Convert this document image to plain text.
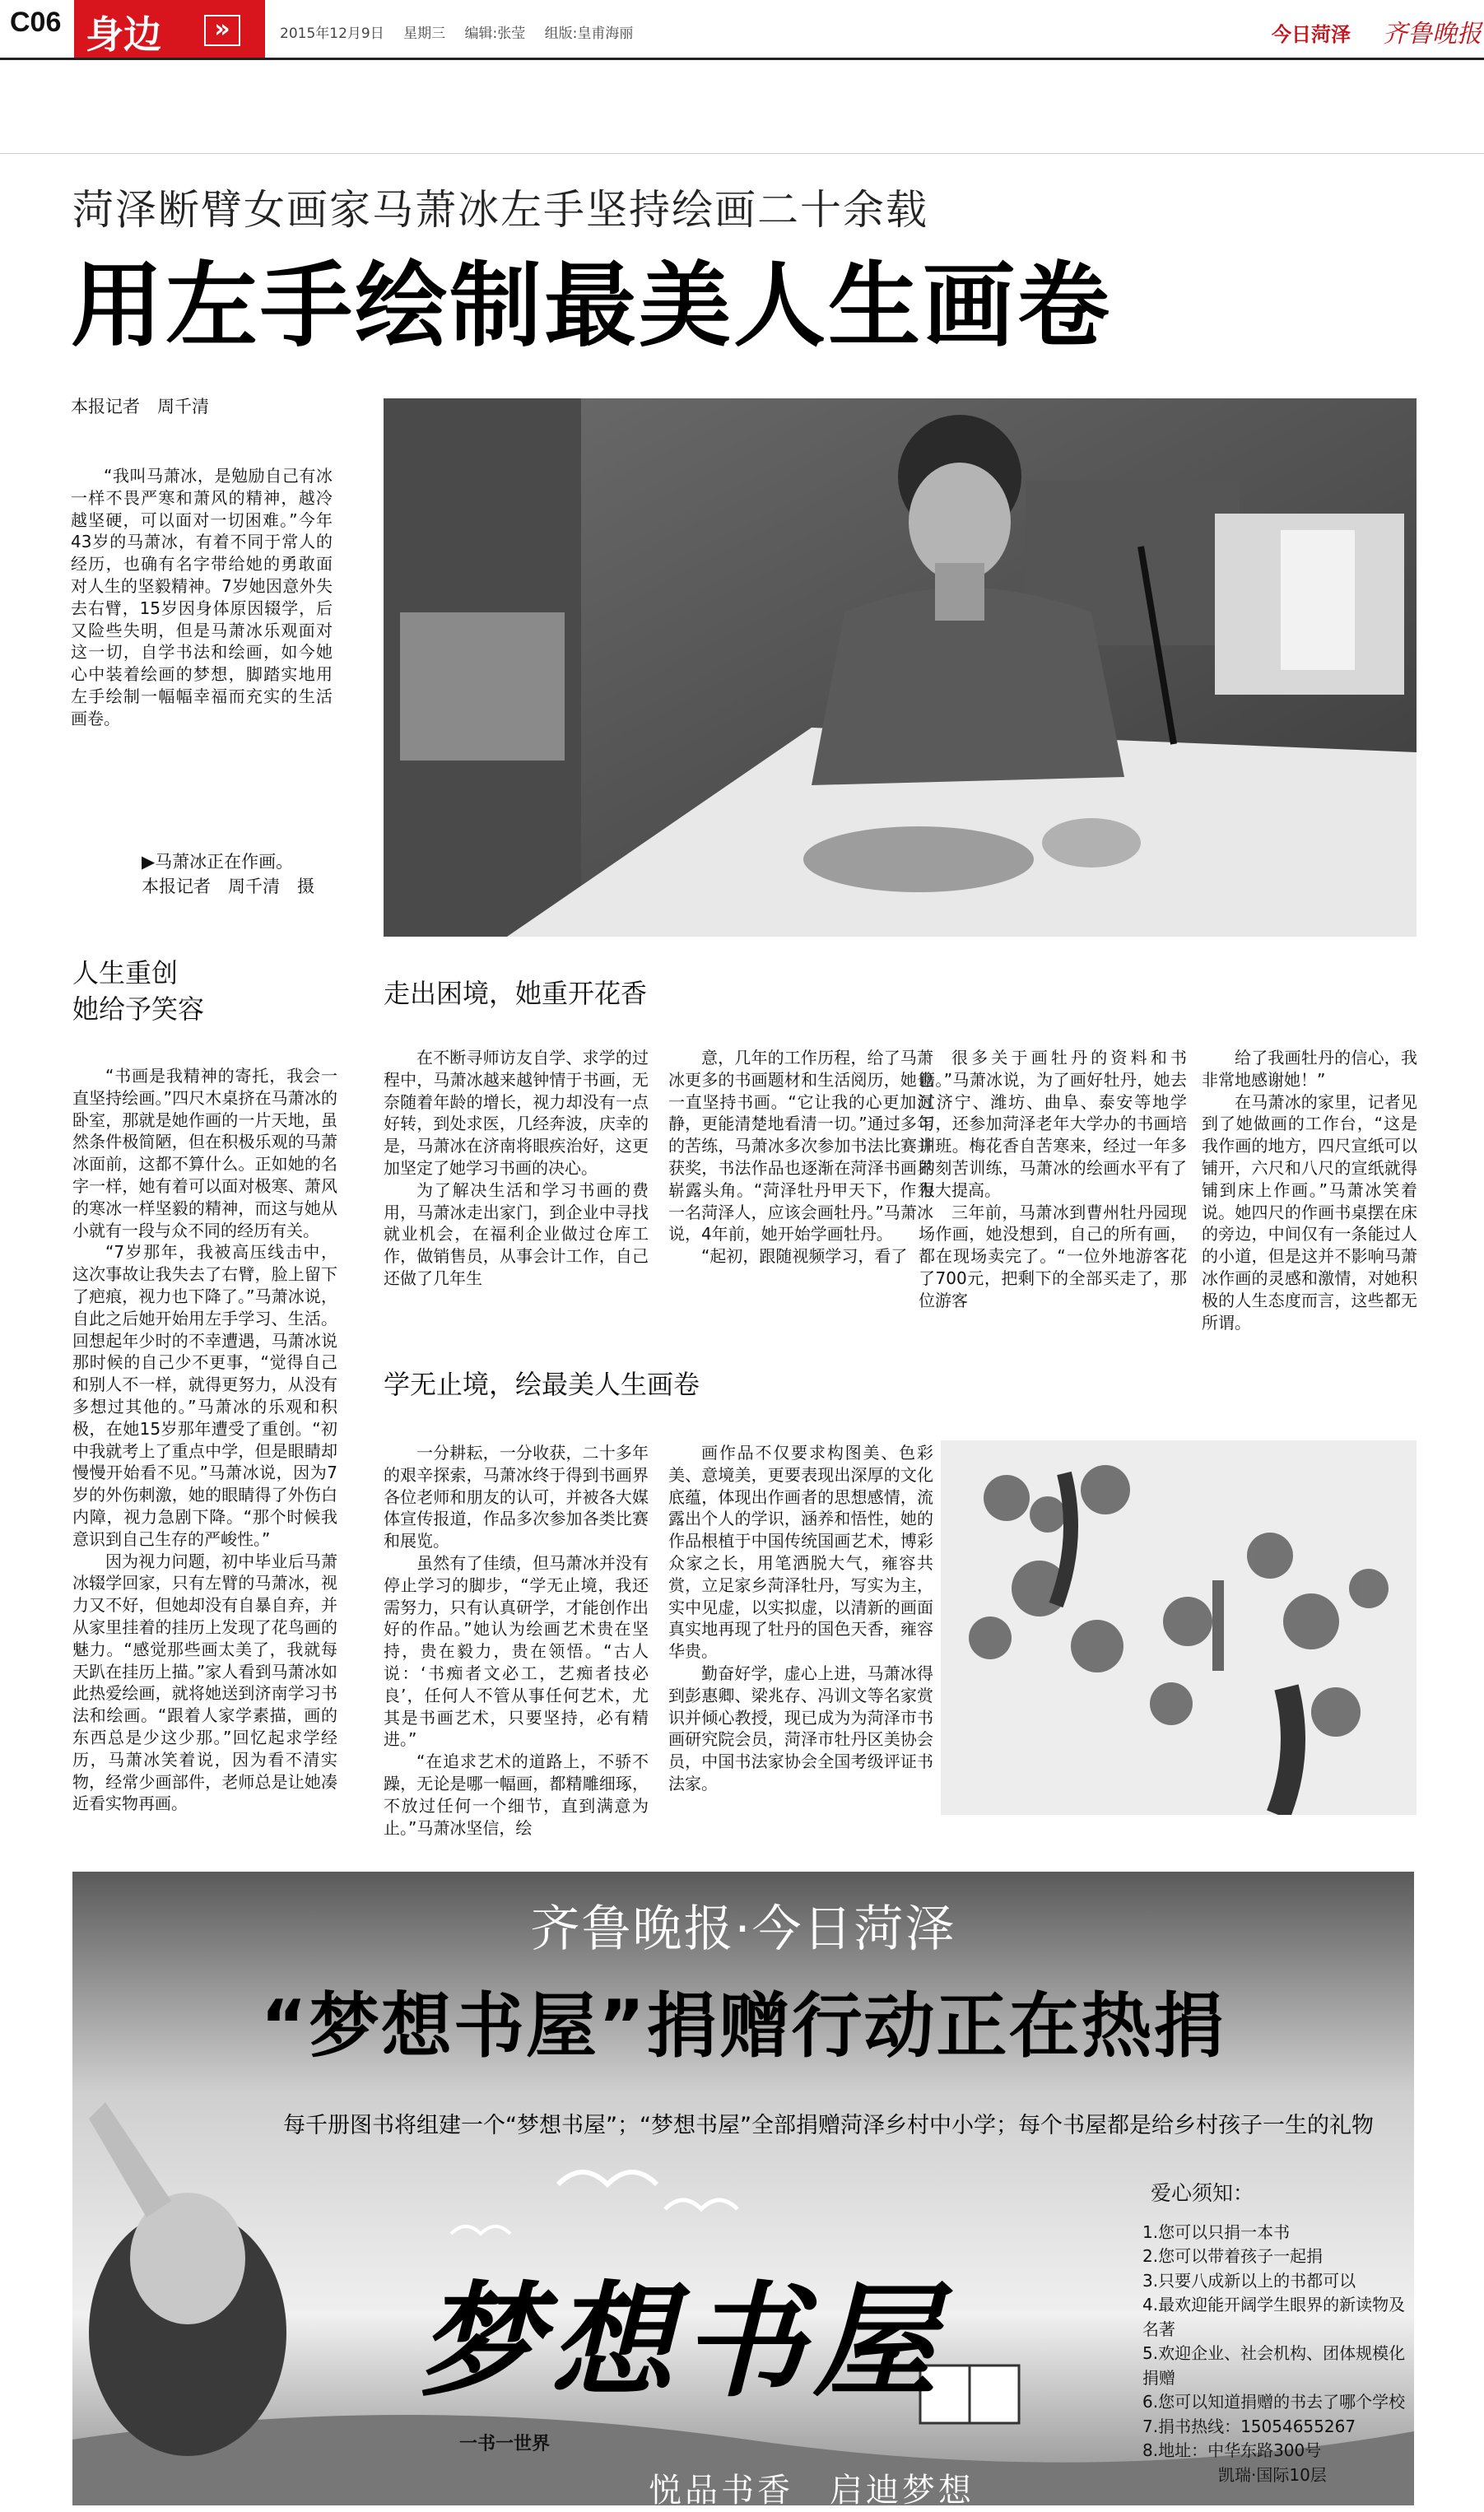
C06 身边	»	2015年12月9日 星期三 编辑:张莹 组版:皇甫海丽	今日菏泽 齐鲁晚报
菏泽断臂女画家马萧冰左手坚持绘画二十余载
用左手绘制最美人生画卷
本报记者　周千清

“我叫马萧冰，是勉励自己有冰一样不畏严寒和萧风的精神，越冷越坚硬，可以面对一切困难。”今年43岁的马萧冰，有着不同于常人的经历，也确有名字带给她的勇敢面对人生的坚毅精神。7岁她因意外失去右臂，15岁因身体原因辍学，后又险些失明，但是马萧冰乐观面对这一切，自学书法和绘画，如今她心中装着绘画的梦想，脚踏实地用左手绘制一幅幅幸福而充实的生活画卷。

▶马萧冰正在作画。
本报记者　周千清　摄
人生重创
她给予笑容	走出困境，她重开花香
学无止境，绘最美人生画卷

“书画是我精神的寄托，我会一直坚持绘画。”四尺木桌挤在马萧冰的卧室，那就是她作画的一片天地，虽然条件极简陋，但在积极乐观的马萧冰面前，这都不算什么。正如她的名字一样，她有着可以面对极寒、萧风的寒冰一样坚毅的精神，而这与她从小就有一段与众不同的经历有关。

“7岁那年，我被高压线击中，这次事故让我失去了右臂，脸上留下了疤痕，视力也下降了。”马萧冰说，自此之后她开始用左手学习、生活。回想起年少时的不幸遭遇，马萧冰说那时候的自己少不更事，“觉得自己和别人不一样，就得更努力，从没有多想过其他的。”马萧冰的乐观和积极，在她15岁那年遭受了重创。“初中我就考上了重点中学，但是眼睛却慢慢开始看不见。”马萧冰说，因为7岁的外伤刺激，她的眼睛得了外伤白内障，视力急剧下降。“那个时候我意识到自己生存的严峻性。”

因为视力问题，初中毕业后马萧冰辍学回家，只有左臂的马萧冰，视力又不好，但她却没有自暴自弃，并从家里挂着的挂历上发现了花鸟画的魅力。“感觉那些画太美了，我就每天趴在挂历上描。”家人看到马萧冰如此热爱绘画，就将她送到济南学习书法和绘画。“跟着人家学素描，画的东西总是少这少那。”回忆起求学经历，马萧冰笑着说，因为看不清实物，经常少画部件，老师总是让她凑近看实物再画。

在不断寻师访友自学、求学的过程中，马萧冰越来越钟情于书画，无奈随着年龄的增长，视力却没有一点好转，到处求医，几经奔波，庆幸的是，马萧冰在济南将眼疾治好，这更加坚定了她学习书画的决心。

为了解决生活和学习书画的费用，马萧冰走出家门，到企业中寻找就业机会，在福利企业做过仓库工作，做销售员，从事会计工作，自己还做了几年生

意，几年的工作历程，给了马萧冰更多的书画题材和生活阅历，她也一直坚持书画。“它让我的心更加沉静，更能清楚地看清一切。”通过多年的苦练，马萧冰多次参加书法比赛并获奖，书法作品也逐渐在菏泽书画界崭露头角。“菏泽牡丹甲天下，作为一名菏泽人，应该会画牡丹。”马萧冰说，4年前，她开始学画牡丹。

“起初，跟随视频学习，看了

很多关于画牡丹的资料和书籍。”马萧冰说，为了画好牡丹，她去过济宁、潍坊、曲阜、泰安等地学习，还参加菏泽老年大学办的书画培训班。梅花香自苦寒来，经过一年多的刻苦训练，马萧冰的绘画水平有了很大提高。

三年前，马萧冰到曹州牡丹园现场作画，她没想到，自己的所有画，都在现场卖完了。“一位外地游客花了700元，把剩下的全部买走了，那位游客

给了我画牡丹的信心，我非常地感谢她！”

在马萧冰的家里，记者见到了她做画的工作台，“这是我作画的地方，四尺宣纸可以铺开，六尺和八尺的宣纸就得铺到床上作画。”马萧冰笑着说。她四尺的作画书桌摆在床的旁边，中间仅有一条能过人的小道，但是这并不影响马萧冰作画的灵感和激情，对她积极的人生态度而言，这些都无所谓。

一分耕耘，一分收获，二十多年的艰辛探索，马萧冰终于得到书画界各位老师和朋友的认可，并被各大媒体宣传报道，作品多次参加各类比赛和展览。

虽然有了佳绩，但马萧冰并没有停止学习的脚步，“学无止境，我还需努力，只有认真研学，才能创作出好的作品。”她认为绘画艺术贵在坚持，贵在毅力，贵在领悟。“古人说：‘书痴者文必工，艺痴者技必良’，任何人不管从事任何艺术，尤其是书画艺术，只要坚持，必有精进。”

“在追求艺术的道路上，不骄不躁，无论是哪一幅画，都精雕细琢，不放过任何一个细节，直到满意为止。”马萧冰坚信，绘

画作品不仅要求构图美、色彩美、意境美，更要表现出深厚的文化底蕴，体现出作画者的思想感情，流露出个人的学识，涵养和悟性，她的作品根植于中国传统国画艺术，博彩众家之长，用笔洒脱大气，雍容共赏，立足家乡菏泽牡丹，写实为主，实中见虚，以实拟虚，以清新的画面真实地再现了牡丹的国色天香，雍容华贵。

勤奋好学，虚心上进，马萧冰得到彭惠卿、梁兆存、冯训文等名家赏识并倾心教授，现已成为为菏泽市书画研究院会员，菏泽市牡丹区美协会员，中国书法家协会全国考级评证书法家。

齐鲁晚报·今日菏泽
“梦想书屋”捐赠行动正在热捐
每千册图书将组建一个“梦想书屋”；“梦想书屋”全部捐赠菏泽乡村中小学；每个书屋都是给乡村孩子一生的礼物
梦想书屋
一书一世界
悦品书香　启迪梦想
爱心须知：
1.您可以只捐一本书
2.您可以带着孩子一起捐
3.只要八成新以上的书都可以
4.最欢迎能开阔学生眼界的新读物及名著
5.欢迎企业、社会机构、团体规模化捐赠
6.您可以知道捐赠的书去了哪个学校
7.捐书热线：15054655267
8.地址：中华东路300号
凯瑞·国际10层
